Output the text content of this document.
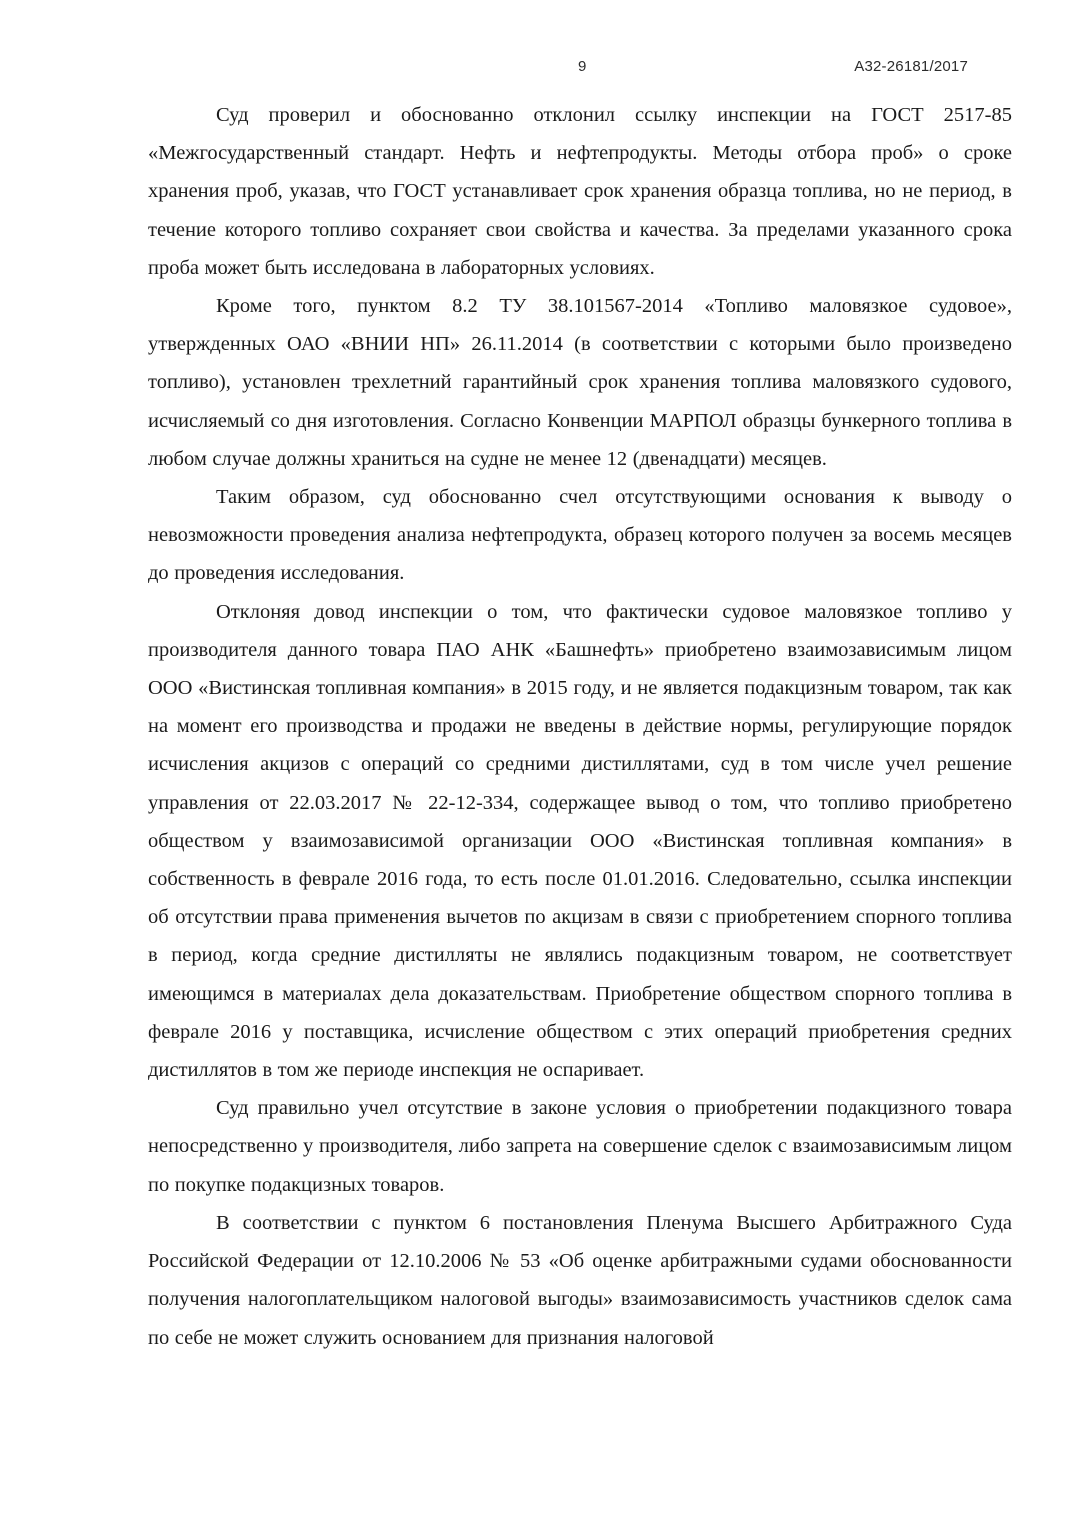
9	А32-26181/2017

Суд проверил и обоснованно отклонил ссылку инспекции на ГОСТ 2517-85 «Межгосударственный стандарт. Нефть и нефтепродукты. Методы отбора проб» о сроке хранения проб, указав, что ГОСТ устанавливает срок хранения образца топлива, но не период, в течение которого топливо сохраняет свои свойства и качества. За пределами указанного срока проба может быть исследована в лабораторных условиях.

Кроме того, пунктом 8.2 ТУ 38.101567-2014 «Топливо маловязкое судовое», утвержденных ОАО «ВНИИ НП» 26.11.2014 (в соответствии с которыми было произведено топливо), установлен трехлетний гарантийный срок хранения топлива маловязкого судового, исчисляемый со дня изготовления. Согласно Конвенции МАРПОЛ образцы бункерного топлива в любом случае должны храниться на судне не менее 12 (двенадцати) месяцев.

Таким образом, суд обоснованно счел отсутствующими основания к выводу о невозможности проведения анализа нефтепродукта, образец которого получен за восемь месяцев до проведения исследования.

Отклоняя довод инспекции о том, что фактически судовое маловязкое топливо у производителя данного товара ПАО АНК «Башнефть» приобретено взаимозависимым лицом ООО «Вистинская топливная компания» в 2015 году, и не является подакцизным товаром, так как на момент его производства и продажи не введены в действие нормы, регулирующие порядок исчисления акцизов с операций со средними дистиллятами, суд в том числе учел решение управления от 22.03.2017 № 22-12-334, содержащее вывод о том, что топливо приобретено обществом у взаимозависимой организации ООО «Вистинская топливная компания» в собственность в феврале 2016 года, то есть после 01.01.2016. Следовательно, ссылка инспекции об отсутствии права применения вычетов по акцизам в связи с приобретением спорного топлива в период, когда средние дистилляты не являлись подакцизным товаром, не соответствует имеющимся в материалах дела доказательствам. Приобретение обществом спорного топлива в феврале 2016 у поставщика, исчисление обществом с этих операций приобретения средних дистиллятов в том же периоде инспекция не оспаривает.

Суд правильно учел отсутствие в законе условия о приобретении подакцизного товара непосредственно у производителя, либо запрета на совершение сделок с взаимозависимым лицом по покупке подакцизных товаров.

В соответствии с пунктом 6 постановления Пленума Высшего Арбитражного Суда Российской Федерации от 12.10.2006 № 53 «Об оценке арбитражными судами обоснованности получения налогоплательщиком налоговой выгоды» взаимозависимость участников сделок сама по себе не может служить основанием для признания налоговой
